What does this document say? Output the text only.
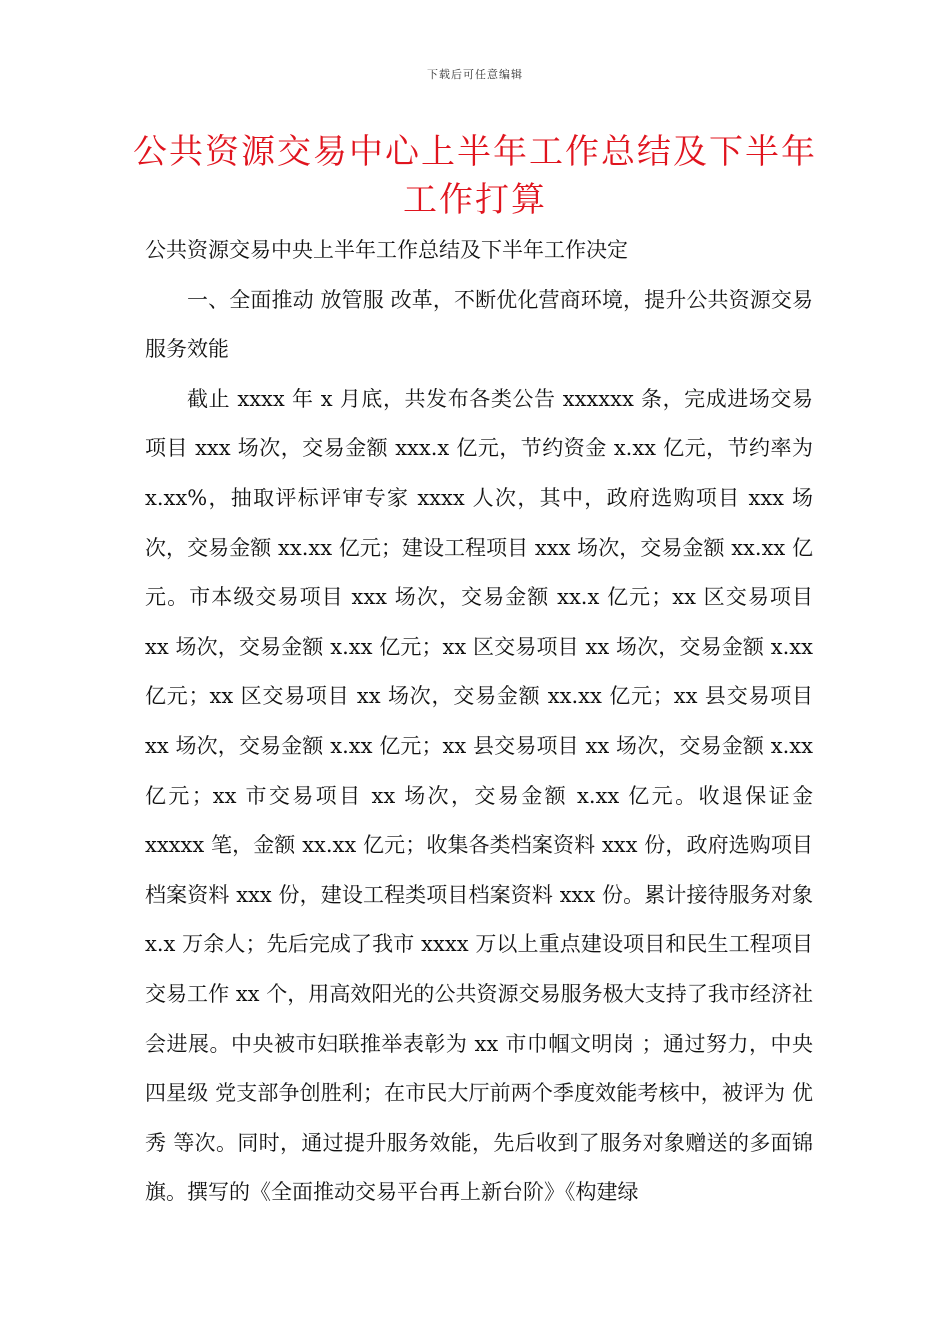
下载后可任意编辑
公共资源交易中心上半年工作总结及下半年工作打算

公共资源交易中央上半年工作总结及下半年工作决定

一、全面推动 放管服 改革，不断优化营商环境，提升公共资源交易服务效能

截止 xxxx 年 x 月底，共发布各类公告 xxxxxx 条，完成进场交易项目 xxx 场次，交易金额 xxx.x 亿元，节约资金 x.xx 亿元，节约率为 x.xx%，抽取评标评审专家 xxxx 人次，其中，政府选购项目 xxx 场次，交易金额 xx.xx 亿元；建设工程项目 xxx 场次，交易金额 xx.xx 亿元。市本级交易项目 xxx 场次，交易金额 xx.x 亿元；xx 区交易项目 xx 场次，交易金额 x.xx 亿元；xx 区交易项目 xx 场次，交易金额 x.xx 亿元；xx 区交易项目 xx 场次，交易金额 xx.xx 亿元；xx 县交易项目 xx 场次，交易金额 x.xx 亿元；xx 县交易项目 xx 场次，交易金额 x.xx 亿元；xx 市交易项目 xx 场次，交易金额 x.xx 亿元。收退保证金 xxxxx 笔，金额 xx.xx 亿元；收集各类档案资料 xxx 份，政府选购项目档案资料 xxx 份，建设工程类项目档案资料 xxx 份。累计接待服务对象 x.x 万余人；先后完成了我市 xxxx 万以上重点建设项目和民生工程项目交易工作 xx 个，用高效阳光的公共资源交易服务极大支持了我市经济社会进展。中央被市妇联推举表彰为 xx 市巾帼文明岗 ；通过努力，中央四星级 党支部争创胜利；在市民大厅前两个季度效能考核中，被评为 优秀 等次。同时，通过提升服务效能，先后收到了服务对象赠送的多面锦旗。撰写的《全面推动交易平台再上新台阶》《构建绿
